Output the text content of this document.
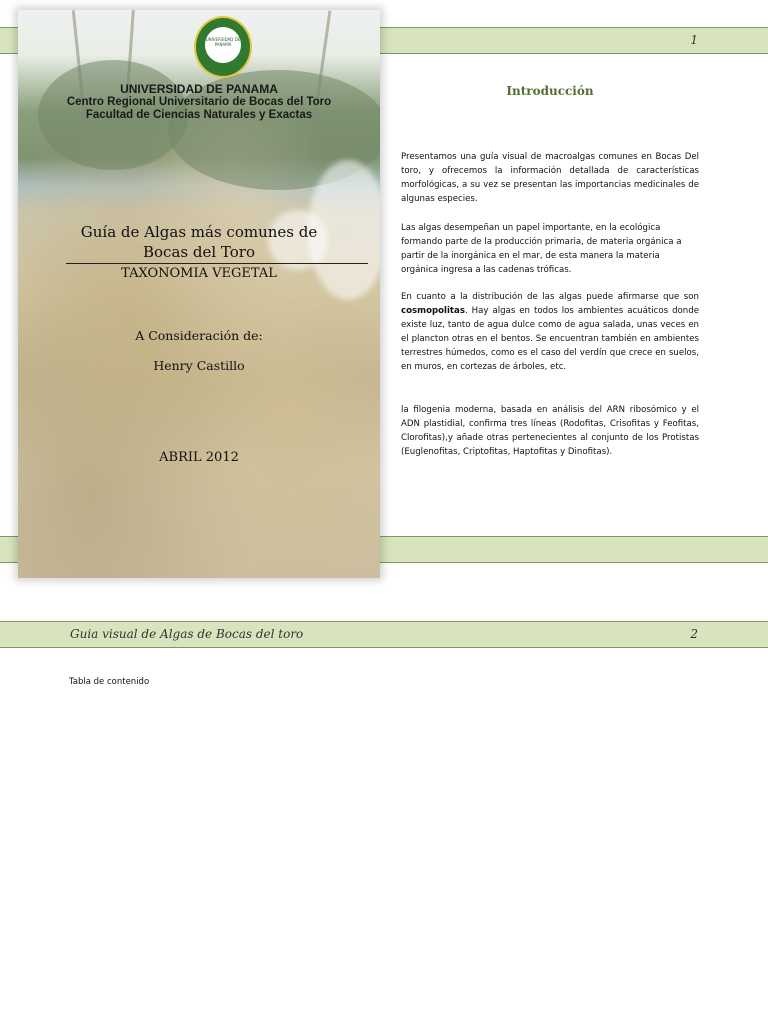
1
UNIVERSIDAD DE PANAMÁ
UNIVERSIDAD DE PANAMA
Centro Regional Universitario de Bocas del Toro
Facultad de Ciencias Naturales y Exactas
Guía de Algas más comunes de
Bocas del Toro
TAXONOMIA VEGETAL
A Consideración de:
Henry Castillo
ABRIL 2012
Introducción
Presentamos una guía visual de macroalgas comunes en Bocas Del toro, y ofrecemos la información detallada de características morfológicas, a su vez se presentan las importancias medicinales de algunas especies.
Las algas desempeñan un papel importante, en la ecológica formando parte de la producción primaria, de materia orgánica a partir de la inorgánica en el mar, de esta manera la materia orgánica ingresa a las cadenas tróficas.
En cuanto a la distribución de las algas puede afirmarse que son cosmopolitas. Hay algas en todos los ambientes acuáticos donde existe luz, tanto de agua dulce como de agua salada, unas veces en el plancton otras en el bentos. Se encuentran también en ambientes terrestres húmedos, como es el caso del verdín que crece en suelos, en muros, en cortezas de árboles, etc.
la filogenia moderna, basada en análisis del ARN ribosómico y el ADN plastidial, confirma tres líneas (Rodofitas, Crisofitas y Feofitas, Clorofitas),y añade otras pertenecientes al conjunto de los Protistas (Euglenofitas, Criptofitas, Haptofitas y Dinofitas).
Guia visual de Algas de Bocas del toro	2
Tabla de contenido
